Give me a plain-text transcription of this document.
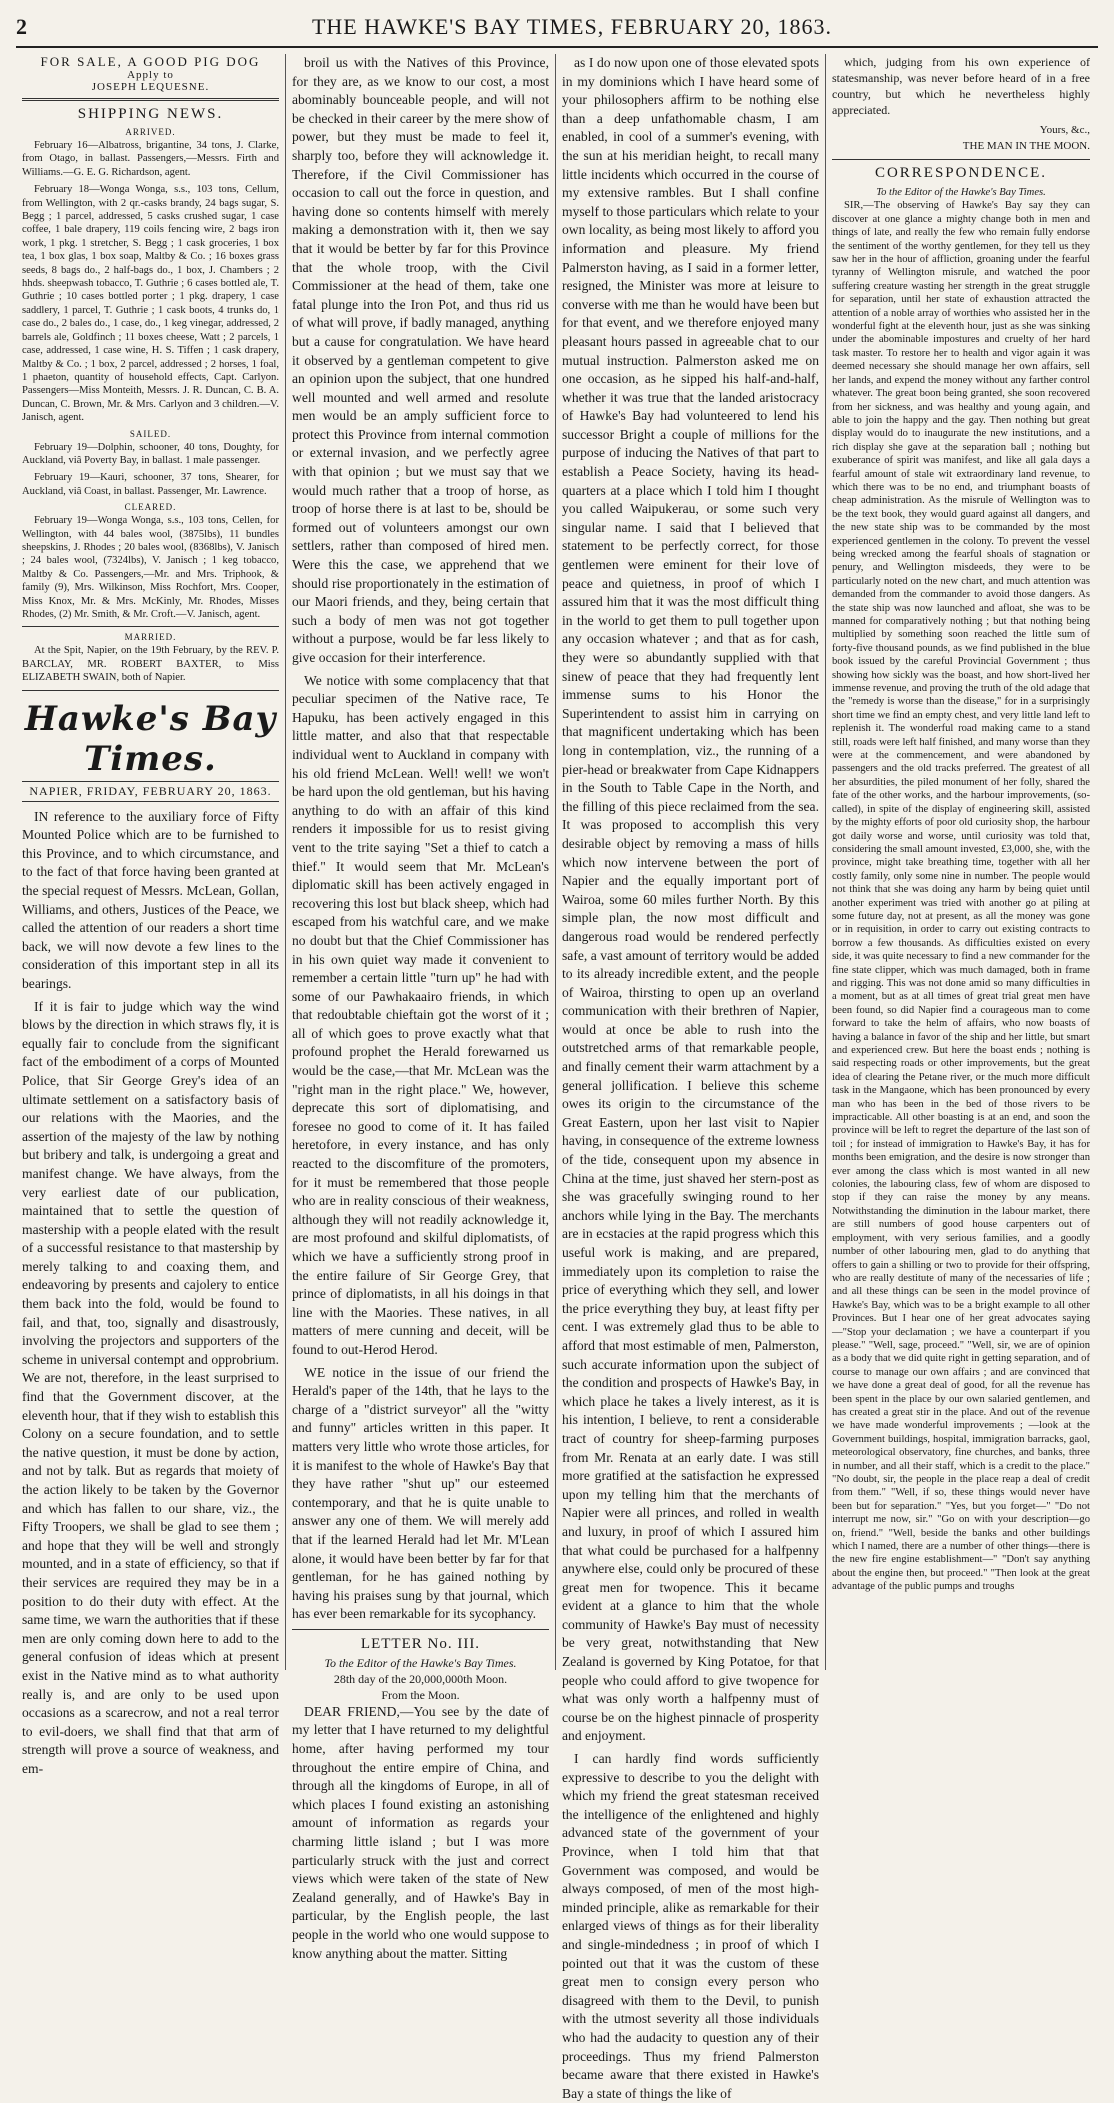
2	THE HAWKE'S BAY TIMES, FEBRUARY 20, 1863.
FOR SALE, A GOOD PIG DOG
Apply to
JOSEPH LEQUESNE.
SHIPPING NEWS.
ARRIVED.

February 16—Albatross, brigantine, 34 tons, J. Clarke, from Otago, in ballast. Passengers,—Messrs. Firth and Williams.—G. E. G. Richardson, agent.

February 18—Wonga Wonga, s.s., 103 tons, Cellum, from Wellington, with 2 qr.-casks brandy, 24 bags sugar, S. Begg ; 1 parcel, addressed, 5 casks crushed sugar, 1 case coffee, 1 bale drapery, 119 coils fencing wire, 2 bags iron work, 1 pkg. 1 stretcher, S. Begg ; 1 cask groceries, 1 box tea, 1 box glas, 1 box soap, Maltby & Co. ; 16 boxes grass seeds, 8 bags do., 2 half-bags do., 1 box, J. Chambers ; 2 hhds. sheepwash tobacco, T. Guthrie ; 6 cases bottled ale, T. Guthrie ; 10 cases bottled porter ; 1 pkg. drapery, 1 case saddlery, 1 parcel, T. Guthrie ; 1 cask boots, 4 trunks do, 1 case do., 2 bales do., 1 case, do., 1 keg vinegar, addressed, 2 barrels ale, Goldfinch ; 11 boxes cheese, Watt ; 2 parcels, 1 case, addressed, 1 case wine, H. S. Tiffen ; 1 cask drapery, Maltby & Co. ; 1 box, 2 parcel, addressed ; 2 horses, 1 foal, 1 phaeton, quantity of household effects, Capt. Carlyon. Passengers—Miss Monteith, Messrs. J. R. Duncan, C. B. A. Duncan, C. Brown, Mr. & Mrs. Carlyon and 3 children.—V. Janisch, agent.

SAILED.

February 19—Dolphin, schooner, 40 tons, Doughty, for Auckland, viâ Poverty Bay, in ballast. 1 male passenger.

February 19—Kauri, schooner, 37 tons, Shearer, for Auckland, viâ Coast, in ballast. Passenger, Mr. Lawrence.

CLEARED.

February 19—Wonga Wonga, s.s., 103 tons, Cellen, for Wellington, with 44 bales wool, (3875lbs), 11 bundles sheepskins, J. Rhodes ; 20 bales wool, (8368lbs), V. Janisch ; 24 bales wool, (7324lbs), V. Janisch ; 1 keg tobacco, Maltby & Co. Passengers,—Mr. and Mrs. Triphook, & family (9), Mrs. Wilkinson, Miss Rochfort, Mrs. Cooper, Miss Knox, Mr. & Mrs. McKinly, Mr. Rhodes, Misses Rhodes, (2) Mr. Smith, & Mr. Croft.—V. Janisch, agent.

MARRIED.

At the Spit, Napier, on the 19th February, by the REV. P. BARCLAY, MR. ROBERT BAXTER, to Miss ELIZABETH SWAIN, both of Napier.

Hawke's Bay Times.
NAPIER, FRIDAY, FEBRUARY 20, 1863.

IN reference to the auxiliary force of Fifty Mounted Police which are to be furnished to this Province, and to which circumstance, and to the fact of that force having been granted at the special request of Messrs. McLean, Gollan, Williams, and others, Justices of the Peace, we called the attention of our readers a short time back, we will now devote a few lines to the consideration of this important step in all its bearings.

If it is fair to judge which way the wind blows by the direction in which straws fly, it is equally fair to conclude from the significant fact of the embodiment of a corps of Mounted Police, that Sir George Grey's idea of an ultimate settlement on a satisfactory basis of our relations with the Maories, and the assertion of the majesty of the law by nothing but bribery and talk, is undergoing a great and manifest change. We have always, from the very earliest date of our publication, maintained that to settle the question of mastership with a people elated with the result of a successful resistance to that mastership by merely talking to and coaxing them, and endeavoring by presents and cajolery to entice them back into the fold, would be found to fail, and that, too, signally and disastrously, involving the projectors and supporters of the scheme in universal contempt and opprobrium. We are not, therefore, in the least surprised to find that the Government discover, at the eleventh hour, that if they wish to establish this Colony on a secure foundation, and to settle the native question, it must be done by action, and not by talk. But as regards that moiety of the action likely to be taken by the Governor and which has fallen to our share, viz., the Fifty Troopers, we shall be glad to see them ; and hope that they will be well and strongly mounted, and in a state of efficiency, so that if their services are required they may be in a position to do their duty with effect. At the same time, we warn the authorities that if these men are only coming down here to add to the general confusion of ideas which at present exist in the Native mind as to what authority really is, and are only to be used upon occasions as a scarecrow, and not a real terror to evil-doers, we shall find that that arm of strength will prove a source of weakness, and em-

broil us with the Natives of this Province, for they are, as we know to our cost, a most abominably bounceable people, and will not be checked in their career by the mere show of power, but they must be made to feel it, sharply too, before they will acknowledge it. Therefore, if the Civil Commissioner has occasion to call out the force in question, and having done so contents himself with merely making a demonstration with it, then we say that it would be better by far for this Province that the whole troop, with the Civil Commissioner at the head of them, take one fatal plunge into the Iron Pot, and thus rid us of what will prove, if badly managed, anything but a cause for congratulation. We have heard it observed by a gentleman competent to give an opinion upon the subject, that one hundred well mounted and well armed and resolute men would be an amply sufficient force to protect this Province from internal commotion or external invasion, and we perfectly agree with that opinion ; but we must say that we would much rather that a troop of horse, as troop of horse there is at last to be, should be formed out of volunteers amongst our own settlers, rather than composed of hired men. Were this the case, we apprehend that we should rise proportionately in the estimation of our Maori friends, and they, being certain that such a body of men was not got together without a purpose, would be far less likely to give occasion for their interference.

We notice with some complacency that that peculiar specimen of the Native race, Te Hapuku, has been actively engaged in this little matter, and also that that respectable individual went to Auckland in company with his old friend McLean. Well! well! we won't be hard upon the old gentleman, but his having anything to do with an affair of this kind renders it impossible for us to resist giving vent to the trite saying "Set a thief to catch a thief." It would seem that Mr. McLean's diplomatic skill has been actively engaged in recovering this lost but black sheep, which had escaped from his watchful care, and we make no doubt but that the Chief Commissioner has in his own quiet way made it convenient to remember a certain little "turn up" he had with some of our Pawhakaairo friends, in which that redoubtable chieftain got the worst of it ; all of which goes to prove exactly what that profound prophet the Herald forewarned us would be the case,—that Mr. McLean was the "right man in the right place." We, however, deprecate this sort of diplomatising, and foresee no good to come of it. It has failed heretofore, in every instance, and has only reacted to the discomfiture of the promoters, for it must be remembered that those people who are in reality conscious of their weakness, although they will not readily acknowledge it, are most profound and skilful diplomatists, of which we have a sufficiently strong proof in the entire failure of Sir George Grey, that prince of diplomatists, in all his doings in that line with the Maories. These natives, in all matters of mere cunning and deceit, will be found to out-Herod Herod.

WE notice in the issue of our friend the Herald's paper of the 14th, that he lays to the charge of a "district surveyor" all the "witty and funny" articles written in this paper. It matters very little who wrote those articles, for it is manifest to the whole of Hawke's Bay that they have rather "shut up" our esteemed contemporary, and that he is quite unable to answer any one of them. We will merely add that if the learned Herald had let Mr. M'Lean alone, it would have been better by far for that gentleman, for he has gained nothing by having his praises sung by that journal, which has ever been remarkable for its sycophancy.

LETTER No. III.
To the Editor of the Hawke's Bay Times.
28th day of the 20,000,000th Moon.
From the Moon.

DEAR FRIEND,—You see by the date of my letter that I have returned to my delightful home, after having performed my tour throughout the entire empire of China, and through all the kingdoms of Europe, in all of which places I found existing an astonishing amount of information as regards your charming little island ; but I was more particularly struck with the just and correct views which were taken of the state of New Zealand generally, and of Hawke's Bay in particular, by the English people, the last people in the world who one would suppose to know anything about the matter. Sitting

as I do now upon one of those elevated spots in my dominions which I have heard some of your philosophers affirm to be nothing else than a deep unfathomable chasm, I am enabled, in cool of a summer's evening, with the sun at his meridian height, to recall many little incidents which occurred in the course of my extensive rambles. But I shall confine myself to those particulars which relate to your own locality, as being most likely to afford you information and pleasure. My friend Palmerston having, as I said in a former letter, resigned, the Minister was more at leisure to converse with me than he would have been but for that event, and we therefore enjoyed many pleasant hours passed in agreeable chat to our mutual instruction. Palmerston asked me on one occasion, as he sipped his half-and-half, whether it was true that the landed aristocracy of Hawke's Bay had volunteered to lend his successor Bright a couple of millions for the purpose of inducing the Natives of that part to establish a Peace Society, having its head-quarters at a place which I told him I thought you called Waipukerau, or some such very singular name. I said that I believed that statement to be perfectly correct, for those gentlemen were eminent for their love of peace and quietness, in proof of which I assured him that it was the most difficult thing in the world to get them to pull together upon any occasion whatever ; and that as for cash, they were so abundantly supplied with that sinew of peace that they had frequently lent immense sums to his Honor the Superintendent to assist him in carrying on that magnificent undertaking which has been long in contemplation, viz., the running of a pier-head or breakwater from Cape Kidnappers in the South to Table Cape in the North, and the filling of this piece reclaimed from the sea. It was proposed to accomplish this very desirable object by removing a mass of hills which now intervene between the port of Napier and the equally important port of Wairoa, some 60 miles further North. By this simple plan, the now most difficult and dangerous road would be rendered perfectly safe, a vast amount of territory would be added to its already incredible extent, and the people of Wairoa, thirsting to open up an overland communication with their brethren of Napier, would at once be able to rush into the outstretched arms of that remarkable people, and finally cement their warm attachment by a general jollification. I believe this scheme owes its origin to the circumstance of the Great Eastern, upon her last visit to Napier having, in consequence of the extreme lowness of the tide, consequent upon my absence in China at the time, just shaved her stern-post as she was gracefully swinging round to her anchors while lying in the Bay. The merchants are in ecstacies at the rapid progress which this useful work is making, and are prepared, immediately upon its completion to raise the price of everything which they sell, and lower the price everything they buy, at least fifty per cent. I was extremely glad thus to be able to afford that most estimable of men, Palmerston, such accurate information upon the subject of the condition and prospects of Hawke's Bay, in which place he takes a lively interest, as it is his intention, I believe, to rent a considerable tract of country for sheep-farming purposes from Mr. Renata at an early date. I was still more gratified at the satisfaction he expressed upon my telling him that the merchants of Napier were all princes, and rolled in wealth and luxury, in proof of which I assured him that what could be purchased for a halfpenny anywhere else, could only be procured of these great men for twopence. This it became evident at a glance to him that the whole community of Hawke's Bay must of necessity be very great, notwithstanding that New Zealand is governed by King Potatoe, for that people who could afford to give twopence for what was only worth a halfpenny must of course be on the highest pinnacle of prosperity and enjoyment.

I can hardly find words sufficiently expressive to describe to you the delight with which my friend the great statesman received the intelligence of the enlightened and highly advanced state of the government of your Province, when I told him that that Government was composed, and would be always composed, of men of the most high-minded principle, alike as remarkable for their enlarged views of things as for their liberality and single-mindedness ; in proof of which I pointed out that it was the custom of these great men to consign every person who disagreed with them to the Devil, to punish with the utmost severity all those individuals who had the audacity to question any of their proceedings. Thus my friend Palmerston became aware that there existed in Hawke's Bay a state of things the like of

which, judging from his own experience of statesmanship, was never before heard of in a free country, but which he nevertheless highly appreciated.

Yours, &c.,
THE MAN IN THE MOON.
CORRESPONDENCE.
To the Editor of the Hawke's Bay Times.

SIR,—The observing of Hawke's Bay say they can discover at one glance a mighty change both in men and things of late, and really the few who remain fully endorse the sentiment of the worthy gentlemen, for they tell us they saw her in the hour of affliction, groaning under the fearful tyranny of Wellington misrule, and watched the poor suffering creature wasting her strength in the great struggle for separation, until her state of exhaustion attracted the attention of a noble array of worthies who assisted her in the wonderful fight at the eleventh hour, just as she was sinking under the abominable impostures and cruelty of her hard task master. To restore her to health and vigor again it was deemed necessary she should manage her own affairs, sell her lands, and expend the money without any farther control whatever. The great boon being granted, she soon recovered from her sickness, and was healthy and young again, and able to join the happy and the gay. Then nothing but great display would do to inaugurate the new institutions, and a rich display she gave at the separation ball ; nothing but exuberance of spirit was manifest, and like all gala days a fearful amount of stale wit extraordinary land revenue, to which there was to be no end, and triumphant boasts of cheap administration. As the misrule of Wellington was to be the text book, they would guard against all dangers, and the new state ship was to be commanded by the most experienced gentlemen in the colony. To prevent the vessel being wrecked among the fearful shoals of stagnation or penury, and Wellington misdeeds, they were to be particularly noted on the new chart, and much attention was demanded from the commander to avoid those dangers. As the state ship was now launched and afloat, she was to be manned for comparatively nothing ; but that nothing being multiplied by something soon reached the little sum of forty-five thousand pounds, as we find published in the blue book issued by the careful Provincial Government ; thus showing how sickly was the boast, and how short-lived her immense revenue, and proving the truth of the old adage that the "remedy is worse than the disease," for in a surprisingly short time we find an empty chest, and very little land left to replenish it. The wonderful road making came to a stand still, roads were left half finished, and many worse than they were at the commencement, and were abandoned by passengers and the old tracks preferred. The greatest of all her absurdities, the piled monument of her folly, shared the fate of the other works, and the harbour improvements, (so-called), in spite of the display of engineering skill, assisted by the mighty efforts of poor old curiosity shop, the harbour got daily worse and worse, until curiosity was told that, considering the small amount invested, £3,000, she, with the province, might take breathing time, together with all her costly family, only some nine in number. The people would not think that she was doing any harm by being quiet until another experiment was tried with another go at piling at some future day, not at present, as all the money was gone or in requisition, in order to carry out existing contracts to borrow a few thousands. As difficulties existed on every side, it was quite necessary to find a new commander for the fine state clipper, which was much damaged, both in frame and rigging. This was not done amid so many difficulties in a moment, but as at all times of great trial great men have been found, so did Napier find a courageous man to come forward to take the helm of affairs, who now boasts of having a balance in favor of the ship and her little, but smart and experienced crew. But here the boast ends ; nothing is said respecting roads or other improvements, but the great idea of clearing the Petane river, or the much more difficult task in the Mangaone, which has been pronounced by every man who has been in the bed of those rivers to be impracticable. All other boasting is at an end, and soon the province will be left to regret the departure of the last son of toil ; for instead of immigration to Hawke's Bay, it has for months been emigration, and the desire is now stronger than ever among the class which is most wanted in all new colonies, the labouring class, few of whom are disposed to stop if they can raise the money by any means. Notwithstanding the diminution in the labour market, there are still numbers of good house carpenters out of employment, with very serious families, and a goodly number of other labouring men, glad to do anything that offers to gain a shilling or two to provide for their offspring, who are really destitute of many of the necessaries of life ; and all these things can be seen in the model province of Hawke's Bay, which was to be a bright example to all other Provinces. But I hear one of her great advocates saying—"Stop your declamation ; we have a counterpart if you please." "Well, sage, proceed." "Well, sir, we are of opinion as a body that we did quite right in getting separation, and of course to manage our own affairs ; and are convinced that we have done a great deal of good, for all the revenue has been spent in the place by our own salaried gentlemen, and has created a great stir in the place. And out of the revenue we have made wonderful improvements ; —look at the Government buildings, hospital, immigration barracks, gaol, meteorological observatory, fine churches, and banks, three in number, and all their staff, which is a credit to the place." "No doubt, sir, the people in the place reap a deal of credit from them." "Well, if so, these things would never have been but for separation." "Yes, but you forget—" "Do not interrupt me now, sir." "Go on with your description—go on, friend." "Well, beside the banks and other buildings which I named, there are a number of other things—there is the new fire engine establishment—" "Don't say anything about the engine then, but proceed." "Then look at the great advantage of the public pumps and troughs
